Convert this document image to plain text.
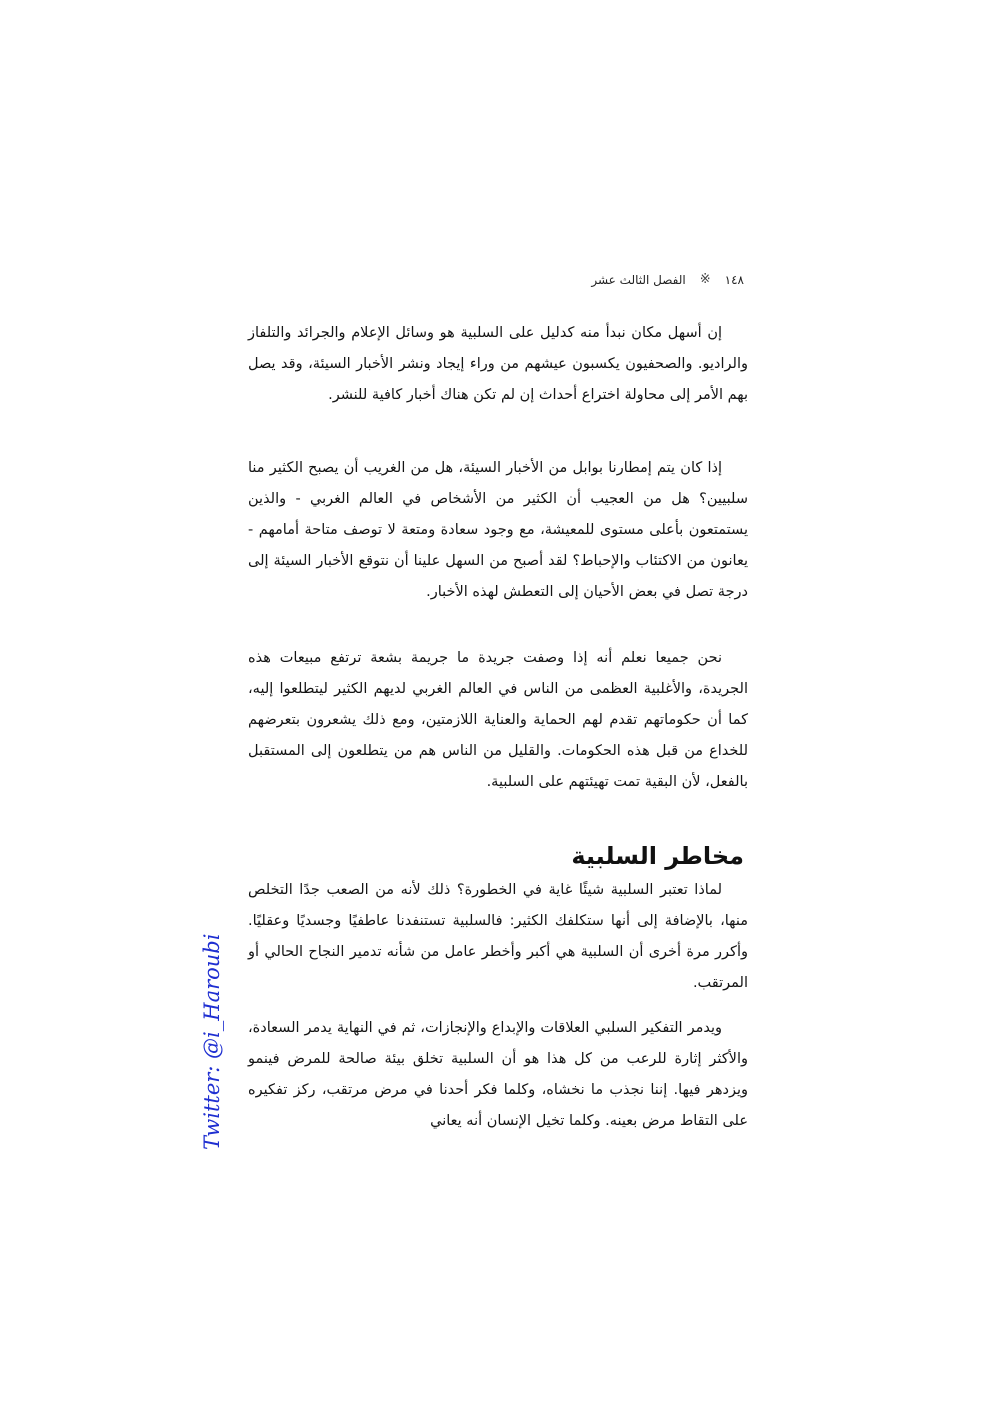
١٤٨
※
الفصل الثالث عشر

إن أسهل مكان نبدأ منه كدليل على السلبية هو وسائل الإعلام والجرائد والتلفاز والراديو. والصحفيون يكسبون عيشهم من وراء إيجاد ونشر الأخبار السيئة، وقد يصل بهم الأمر إلى محاولة اختراع أحداث إن لم تكن هناك أخبار كافية للنشر.

إذا كان يتم إمطارنا بوابل من الأخبار السيئة، هل من الغريب أن يصبح الكثير منا سلبيين؟ هل من العجيب أن الكثير من الأشخاص في العالم الغربي - والذين يستمتعون بأعلى مستوى للمعيشة، مع وجود سعادة ومتعة لا توصف متاحة أمامهم - يعانون من الاكتئاب والإحباط؟ لقد أصبح من السهل علينا أن نتوقع الأخبار السيئة إلى درجة تصل في بعض الأحيان إلى التعطش لهذه الأخبار.

نحن جميعا نعلم أنه إذا وصفت جريدة ما جريمة بشعة ترتفع مبيعات هذه الجريدة، والأغلبية العظمى من الناس في العالم الغربي لديهم الكثير ليتطلعوا إليه، كما أن حكوماتهم تقدم لهم الحماية والعناية اللازمتين، ومع ذلك يشعرون بتعرضهم للخداع من قبل هذه الحكومات. والقليل من الناس هم من يتطلعون إلى المستقبل بالفعل، لأن البقية تمت تهيئتهم على السلبية.

مخاطر السلبية

لماذا تعتبر السلبية شيئًا غاية في الخطورة؟ ذلك لأنه من الصعب جدًا التخلص منها، بالإضافة إلى أنها ستكلفك الكثير: فالسلبية تستنفدنا عاطفيًا وجسديًا وعقليًا. وأكرر مرة أخرى أن السلبية هي أكبر وأخطر عامل من شأنه تدمير النجاح الحالي أو المرتقب.

ويدمر التفكير السلبي العلاقات والإبداع والإنجازات، ثم في النهاية يدمر السعادة، والأكثر إثارة للرعب من كل هذا هو أن السلبية تخلق بيئة صالحة للمرض فينمو ويزدهر فيها. إننا نجذب ما نخشاه، وكلما فكر أحدنا في مرض مرتقب، ركز تفكيره على التقاط مرض بعينه. وكلما تخيل الإنسان أنه يعاني

Twitter: @i_Haroubi
